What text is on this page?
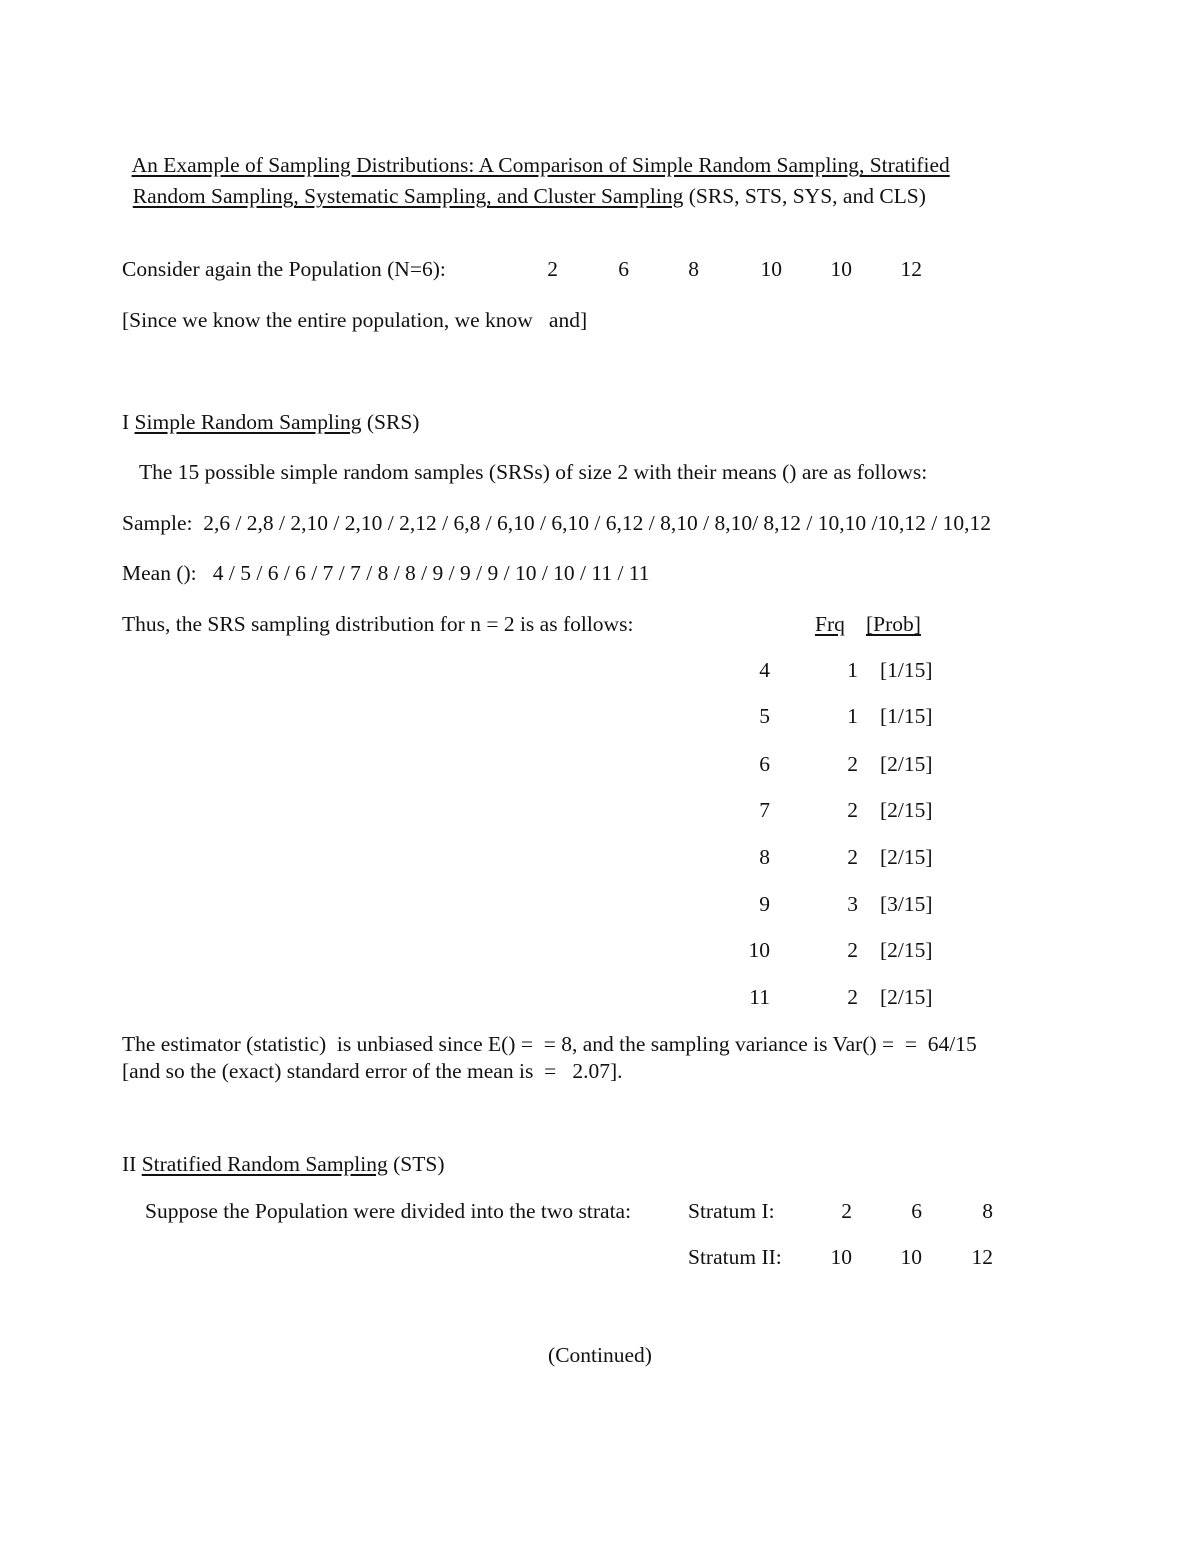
An Example of Sampling Distributions: A Comparison of Simple Random Sampling, Stratified

Random Sampling, Systematic Sampling, and Cluster Sampling (SRS, STS, SYS, and CLS)

Consider again the Population (N=6):	2	6	8	10	10	12
[Since we know the entire population, we know   and]
I Simple Random Sampling (SRS)
The 15 possible simple random samples (SRSs) of size 2 with their means () are as follows:
Sample:  2,6 / 2,8 / 2,10 / 2,10 / 2,12 / 6,8 / 6,10 / 6,10 / 6,12 / 8,10 / 8,10/ 8,12 / 10,10 /10,12 / 10,12
Mean ():   4 / 5 / 6 / 6 / 7 / 7 / 8 / 8 / 9 / 9 / 9 / 10 / 10 / 11 / 11
Thus, the SRS sampling distribution for n = 2 is as follows:	Frq [Prob]
4	1 [1/15]
5	1 [1/15]
6	2 [2/15]
7	2 [2/15]
8	2 [2/15]
9	3 [3/15]
10	2 [2/15]
11	2 [2/15]
The estimator (statistic)  is unbiased since E() =  = 8, and the sampling variance is Var() =  =  64/15
[and so the (exact) standard error of the mean is  =   2.07].
II Stratified Random Sampling (STS)
Suppose the Population were divided into the two strata:	Stratum I:	2	6	8
Stratum II:	10	10	12
(Continued)
